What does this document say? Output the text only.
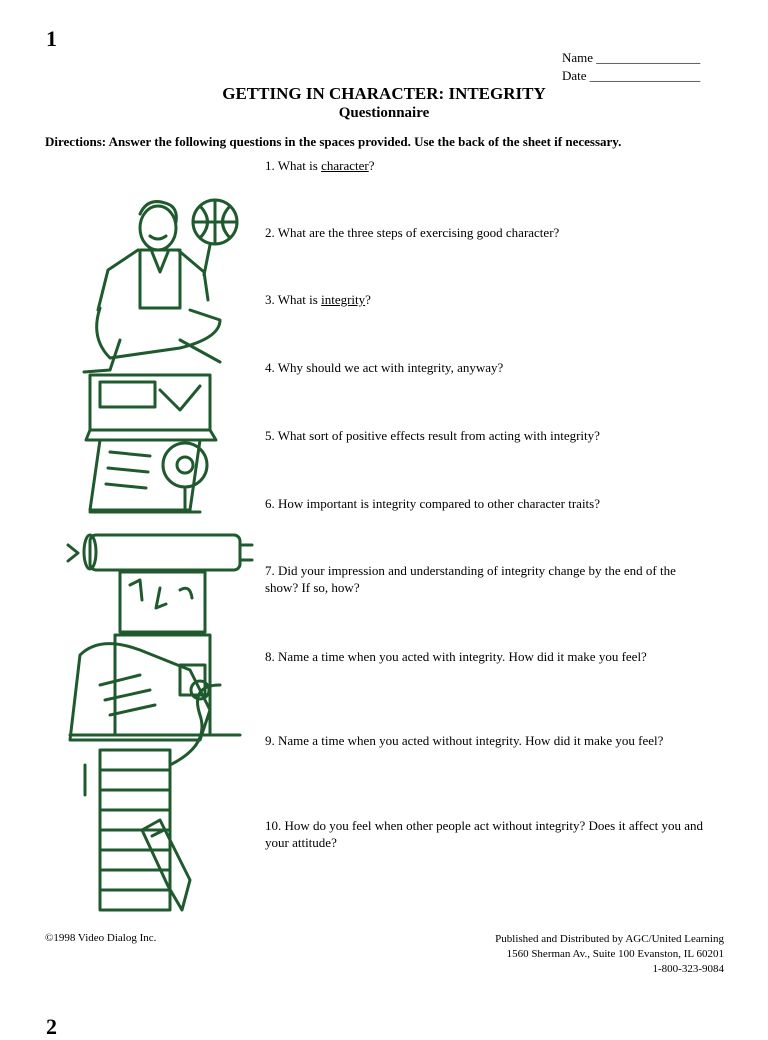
1
Name ________________
Date _________________
GETTING IN CHARACTER: INTEGRITY
Questionnaire
Directions: Answer the following questions in the spaces provided. Use the back of the sheet if necessary.
1. What is character?
2. What are the three steps of exercising good character?
3. What is integrity?
4. Why should we act with integrity, anyway?
5. What sort of positive effects result from acting with integrity?
6. How important is integrity compared to other character traits?
7. Did your impression and understanding of integrity change by the end of the show? If so, how?
8. Name a time when you acted with integrity. How did it make you feel?
9. Name a time when you acted without integrity. How did it make you feel?
10. How do you feel when other people act without integrity? Does it affect you and your attitude?
©1998 Video Dialog Inc.	Published and Distributed by AGC/United Learning
1560 Sherman Av., Suite 100 Evanston, IL 60201
1-800-323-9084
2
